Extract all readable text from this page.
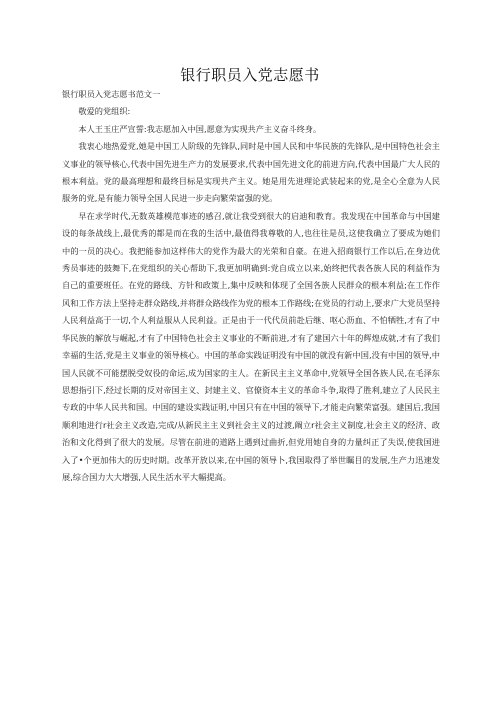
银行职员入党志愿书

银行职员入党志愿书范文一

敬爱的党组织:

本人王玉庄严宣誓:我志愿加入中国,愿意为实现共产主义奋斗终身。

我衷心地热爱党,她是中国工人阶级的先锋队,同时是中国人民和中华民族的先锋队,是中国特色社会主义事业的领导核心,代表中国先进生产力的发展要求,代表中国先进文化的前进方向,代表中国最广大人民的根本利益。党的最高理想和最终目标是实现共产主义。她是用先进理论武装起来的党,是全心全意为人民服务的党,是有能力领导全国人民进一步走向繁荣富强的党。

早在求学时代,无数英雄模范事迹的感召,就让我受到很大的启迪和教育。我发现在中国革命与中国建设的每条战线上,最优秀的都是而在我的生活中,最值得我尊敬的人,也往往是员,这使我确立了要成为她们中的一员的决心。我把能参加这样伟大的党作为最大的光荣和自豪。在进入招商银行工作以后,在身边优秀员事迹的鼓舞下,在党组织的关心帮助下,我更加明确到:党自成立以来,始终把代表各族人民的利益作为自己的重要班任。在党的路线、方针和政策上,集中反映和体现了全国各族人民群众的根本利益;在工作作风和工作方法上坚持走群众路线,并将群众路线作为党的根本工作路线;在党员的行动上,要求广大党员坚持人民利益高于一切,个人利益服从人民利益。正是由于一代代员前赴后继、呕心沥血、不怕牺牲,才有了中华民族的解放与崛起,才有了中国特色社会主义事业的不断前进,才有了建国六十年的辉煌成就,才有了我们幸福的生活,党是主义事业的领导核心。中国的革命实践证明没有中国的就没有新中国,没有中国的领导,中国人民就不可能摆脱受奴役的命运,成为国家的主人。在新民主主义革命中,党领导全国各族人民,在毛泽东思想指引下,经过长期的反对帝国主义、封建主义、官僚资本主义的革命斗争,取得了胜利,建立了人民民主专政的中华人民共和国。中国的建设实践证明,中国只有在中国的领导下,才能走向繁荣富强。建国后,我国顺利地进行r社会主义改造,完成/从新民主主义到社会主义的过渡,阚立r社会主义制度,社会主义的经济、政治和文化得到了很大的发展。尽管在前进的道路上遇到过曲折,但党用她自身的力量纠正了失误,使我国进入了•个更加伟大的历史时期。改革开放以来,在中国的领导卜,我国取得了举世瞩目的发展,生产力迅速发展,综合国力大大增强,人民生活水平大幅提高。
